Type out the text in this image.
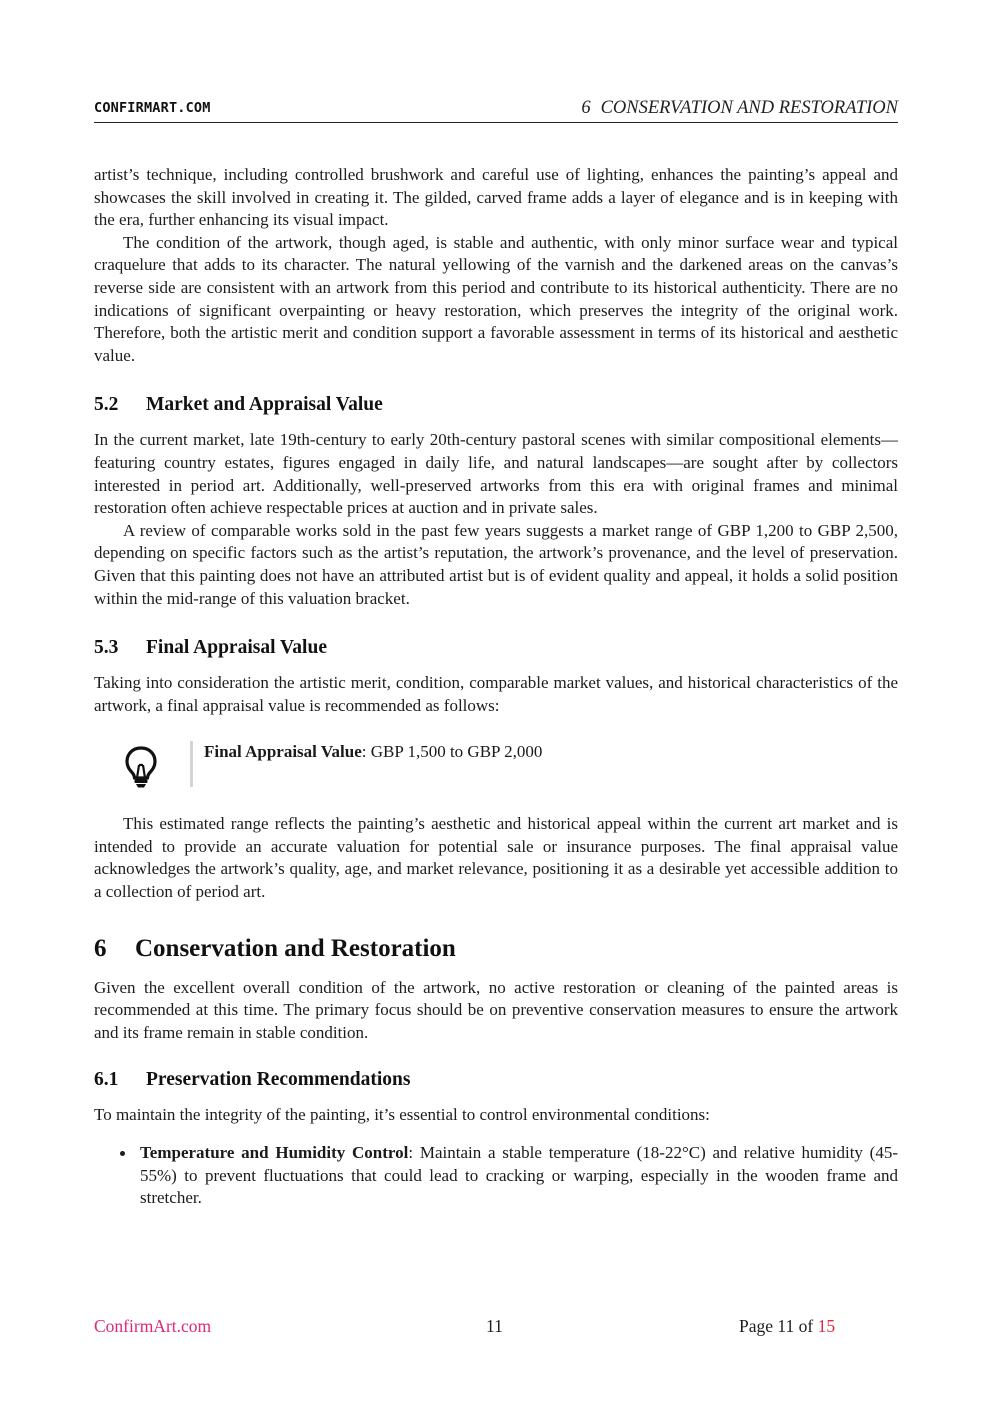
CONFIRMART.COM	6 CONSERVATION AND RESTORATION

artist’s technique, including controlled brushwork and careful use of lighting, enhances the painting’s appeal and showcases the skill involved in creating it. The gilded, carved frame adds a layer of elegance and is in keeping with the era, further enhancing its visual impact.

The condition of the artwork, though aged, is stable and authentic, with only minor surface wear and typical craquelure that adds to its character. The natural yellowing of the varnish and the darkened areas on the canvas’s reverse side are consistent with an artwork from this period and contribute to its historical authenticity. There are no indications of significant overpainting or heavy restoration, which preserves the integrity of the original work. Therefore, both the artistic merit and condition support a favorable assessment in terms of its historical and aesthetic value.

5.2 Market and Appraisal Value

In the current market, late 19th-century to early 20th-century pastoral scenes with similar compositional elements—featuring country estates, figures engaged in daily life, and natural landscapes—are sought after by collectors interested in period art. Additionally, well-preserved artworks from this era with original frames and minimal restoration often achieve respectable prices at auction and in private sales.

A review of comparable works sold in the past few years suggests a market range of GBP 1,200 to GBP 2,500, depending on specific factors such as the artist’s reputation, the artwork’s provenance, and the level of preservation. Given that this painting does not have an attributed artist but is of evident quality and appeal, it holds a solid position within the mid-range of this valuation bracket.

5.3 Final Appraisal Value

Taking into consideration the artistic merit, condition, comparable market values, and historical characteristics of the artwork, a final appraisal value is recommended as follows:

Final Appraisal Value: GBP 1,500 to GBP 2,000

This estimated range reflects the painting’s aesthetic and historical appeal within the current art market and is intended to provide an accurate valuation for potential sale or insurance purposes. The final appraisal value acknowledges the artwork’s quality, age, and market relevance, positioning it as a desirable yet accessible addition to a collection of period art.

6 Conservation and Restoration

Given the excellent overall condition of the artwork, no active restoration or cleaning of the painted areas is recommended at this time. The primary focus should be on preventive conservation measures to ensure the artwork and its frame remain in stable condition.

6.1 Preservation Recommendations

To maintain the integrity of the painting, it’s essential to control environmental conditions:

Temperature and Humidity Control: Maintain a stable temperature (18-22°C) and relative humidity (45-55%) to prevent fluctuations that could lead to cracking or warping, especially in the wooden frame and stretcher.
ConfirmArt.com	11	Page 11 of 15
